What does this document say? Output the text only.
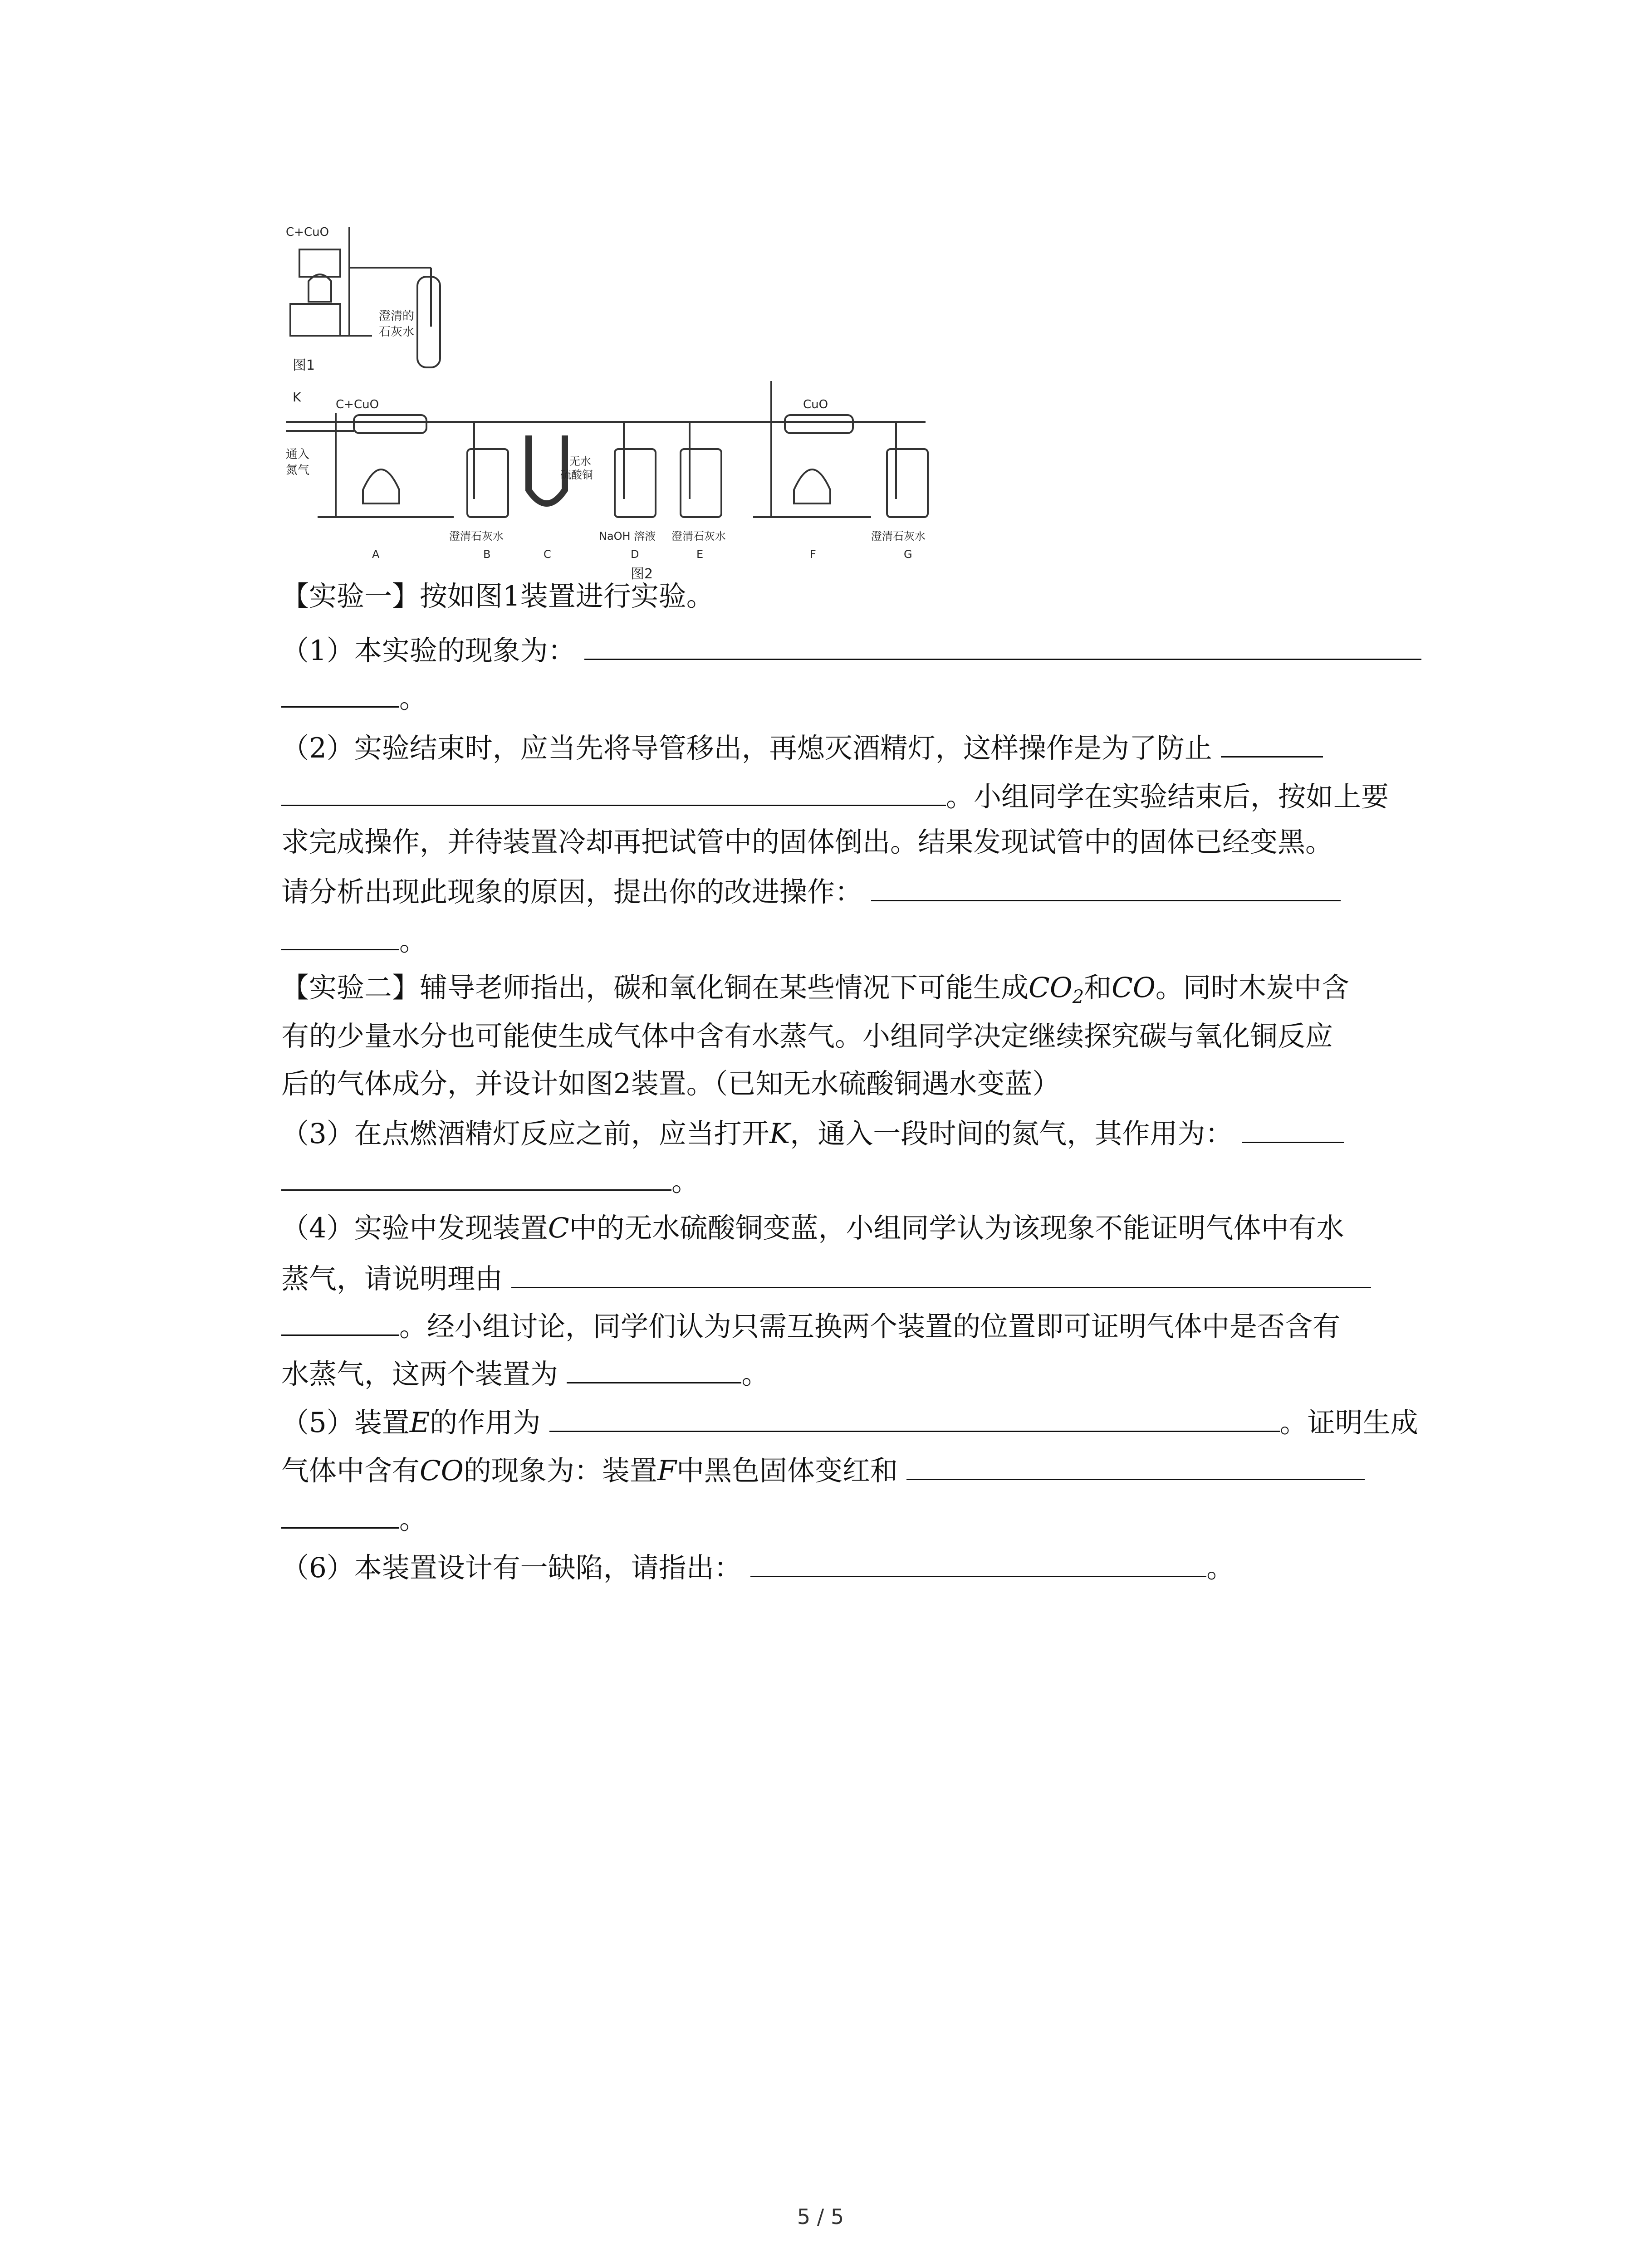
C+CuO
澄清的
石灰水
图1
K	C+CuO
通入
氮气
无水
硫酸铜
CuO
澄清石灰水	NaOH 溶液 澄清石灰水	澄清石灰水
A	B	C	D	E	F	G
图2
【实验一】按如图1装置进行实验。
（1）本实验的现象为：
。
（2）实验结束时，应当先将导管移出，再熄灭酒精灯，这样操作是为了防止
。小组同学在实验结束后，按如上要
求完成操作，并待装置冷却再把试管中的固体倒出。结果发现试管中的固体已经变黑。
请分析出现此现象的原因，提出你的改进操作：
。
【实验二】辅导老师指出，碳和氧化铜在某些情况下可能生成$CO_2$和CO。同时木炭中含
有的少量水分也可能使生成气体中含有水蒸气。小组同学决定继续探究碳与氧化铜反应
后的气体成分，并设计如图2装置。（已知无水硫酸铜遇水变蓝）
（3）在点燃酒精灯反应之前，应当打开K，通入一段时间的氮气，其作用为：
。
（4）实验中发现装置C中的无水硫酸铜变蓝，小组同学认为该现象不能证明气体中有水
蒸气，请说明理由
。经小组讨论，同学们认为只需互换两个装置的位置即可证明气体中是否含有
水蒸气，这两个装置为	。
（5）装置E的作用为	。证明生成
气体中含有CO的现象为：装置F中黑色固体变红和
。
（6）本装置设计有一缺陷，请指出：	。
5 / 5
